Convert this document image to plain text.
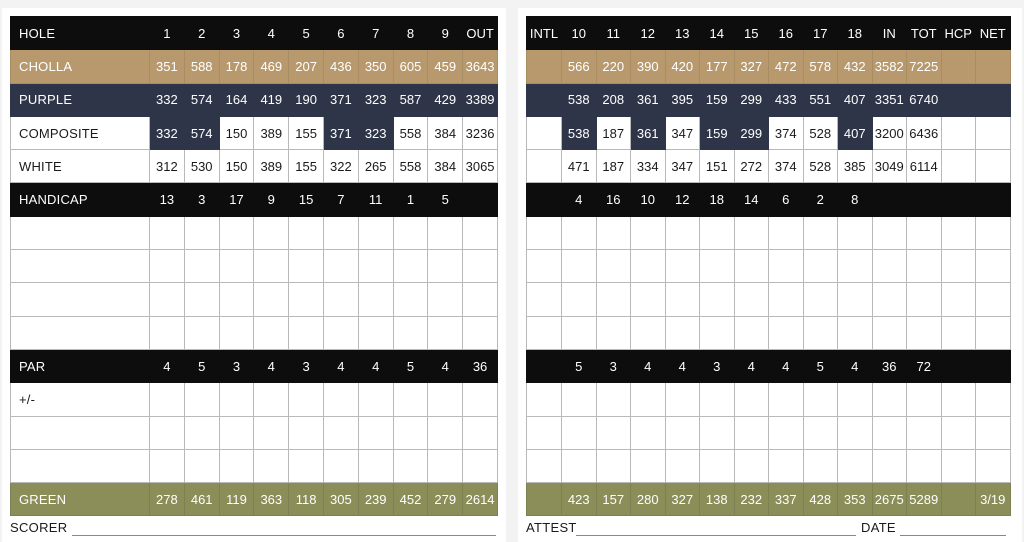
HOLE	1	2	3	4	5	6	7	8	9	OUT
CHOLLA	351	588	178	469	207	436	350	605	459	3643
PURPLE	332	574	164	419	190	371	323	587	429	3389
COMPOSITE	332	574	150	389	155	371	323	558	384	3236
WHITE	312	530	150	389	155	322	265	558	384	3065
HANDICAP	13	3	17	9	15	7	11	1	5	

PAR	4	5	3	4	3	4	4	5	4	36
+/-										

GREEN	278	461	119	363	118	305	239	452	279	2614
SCORER
INTL	10	11	12	13	14	15	16	17	18	IN	TOT	HCP	NET
	566	220	390	420	177	327	472	578	432	3582	7225		
	538	208	361	395	159	299	433	551	407	3351	6740		
	538	187	361	347	159	299	374	528	407	3200	6436		
	471	187	334	347	151	272	374	528	385	3049	6114		
	4	16	10	12	18	14	6	2	8				

	5	3	4	4	3	4	4	5	4	36	72		

	423	157	280	327	138	232	337	428	353	2675	5289		3/19
ATTEST	DATE
